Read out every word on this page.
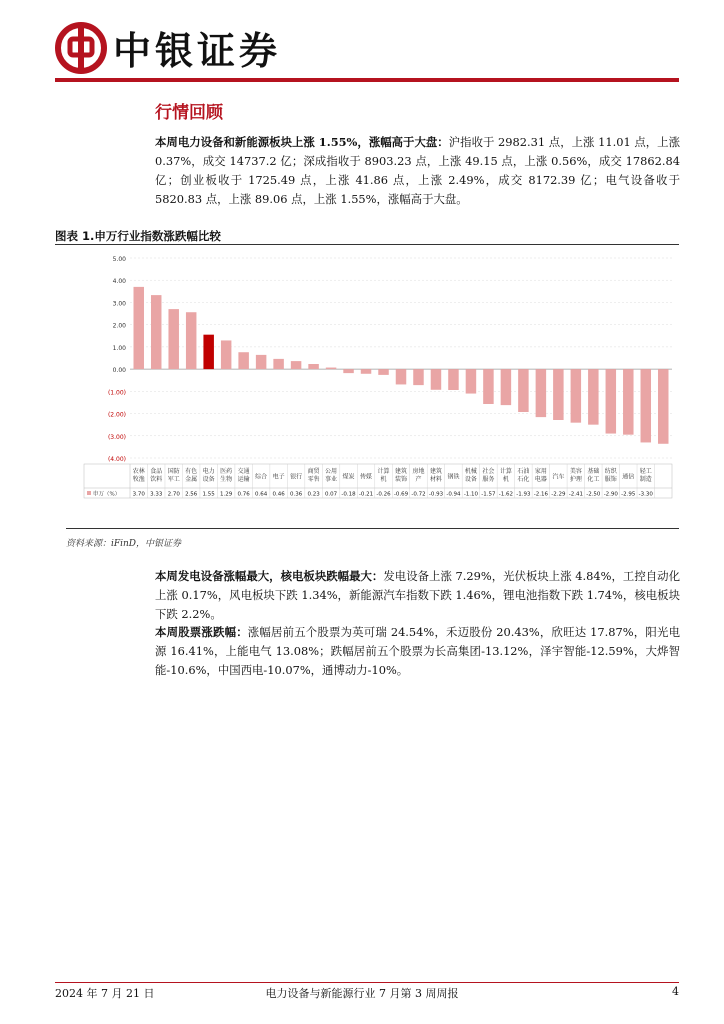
中银证券
行情回顾
本周电力设备和新能源板块上涨 1.55%，涨幅高于大盘：沪指收于 2982.31 点，上涨 11.01 点，上涨 0.37%，成交 14737.2 亿；深成指收于 8903.23 点，上涨 49.15 点，上涨 0.56%，成交 17862.84 亿；创业板收于 1725.49 点，上涨 41.86 点，上涨 2.49%，成交 8172.39 亿；电气设备收于 5820.83 点，上涨 89.06 点，上涨 1.55%，涨幅高于大盘。
图表 1.申万行业指数涨跌幅比较
5.00
4.00
3.00
2.00
1.00
0.00
(1.00)
(2.00)
(3.00)
(4.00)
申万（%）
农林
牧渔
3.70
食品
饮料
3.33
国防
军工
2.70
有色
金属
2.56
电力
设备
1.55
医药
生物
1.29
交通
运输
0.76
综合
0.64
电子
0.46
银行
0.36
商贸
零售
0.23
公用
事业
0.07
煤炭
-0.18
传媒
-0.21
计算
机
-0.26
建筑
装饰
-0.69
房地
产
-0.72
建筑
材料
-0.93
钢铁
-0.94
机械
设备
-1.10
社会
服务
-1.57
计算
机
-1.62
石油
石化
-1.93
家用
电器
-2.16
汽车
-2.29
美容
护理
-2.41
基础
化工
-2.50
纺织
服饰
-2.90
通信
-2.95
轻工
制造
-3.30
资料来源：iFinD，中银证券
本周发电设备涨幅最大，核电板块跌幅最大：发电设备上涨 7.29%，光伏板块上涨 4.84%，工控自动化上涨 0.17%，风电板块下跌 1.34%，新能源汽车指数下跌 1.46%，锂电池指数下跌 1.74%，核电板块下跌 2.2%。
本周股票涨跌幅：涨幅居前五个股票为英可瑞 24.54%，禾迈股份 20.43%，欣旺达 17.87%，阳光电源 16.41%，上能电气 13.08%；跌幅居前五个股票为长高集团-13.12%，泽宇智能-12.59%，大烨智能-10.6%，中国西电-10.07%，通博动力-10%。
2024 年 7 月 21 日	电力设备与新能源行业 7 月第 3 周周报	4
